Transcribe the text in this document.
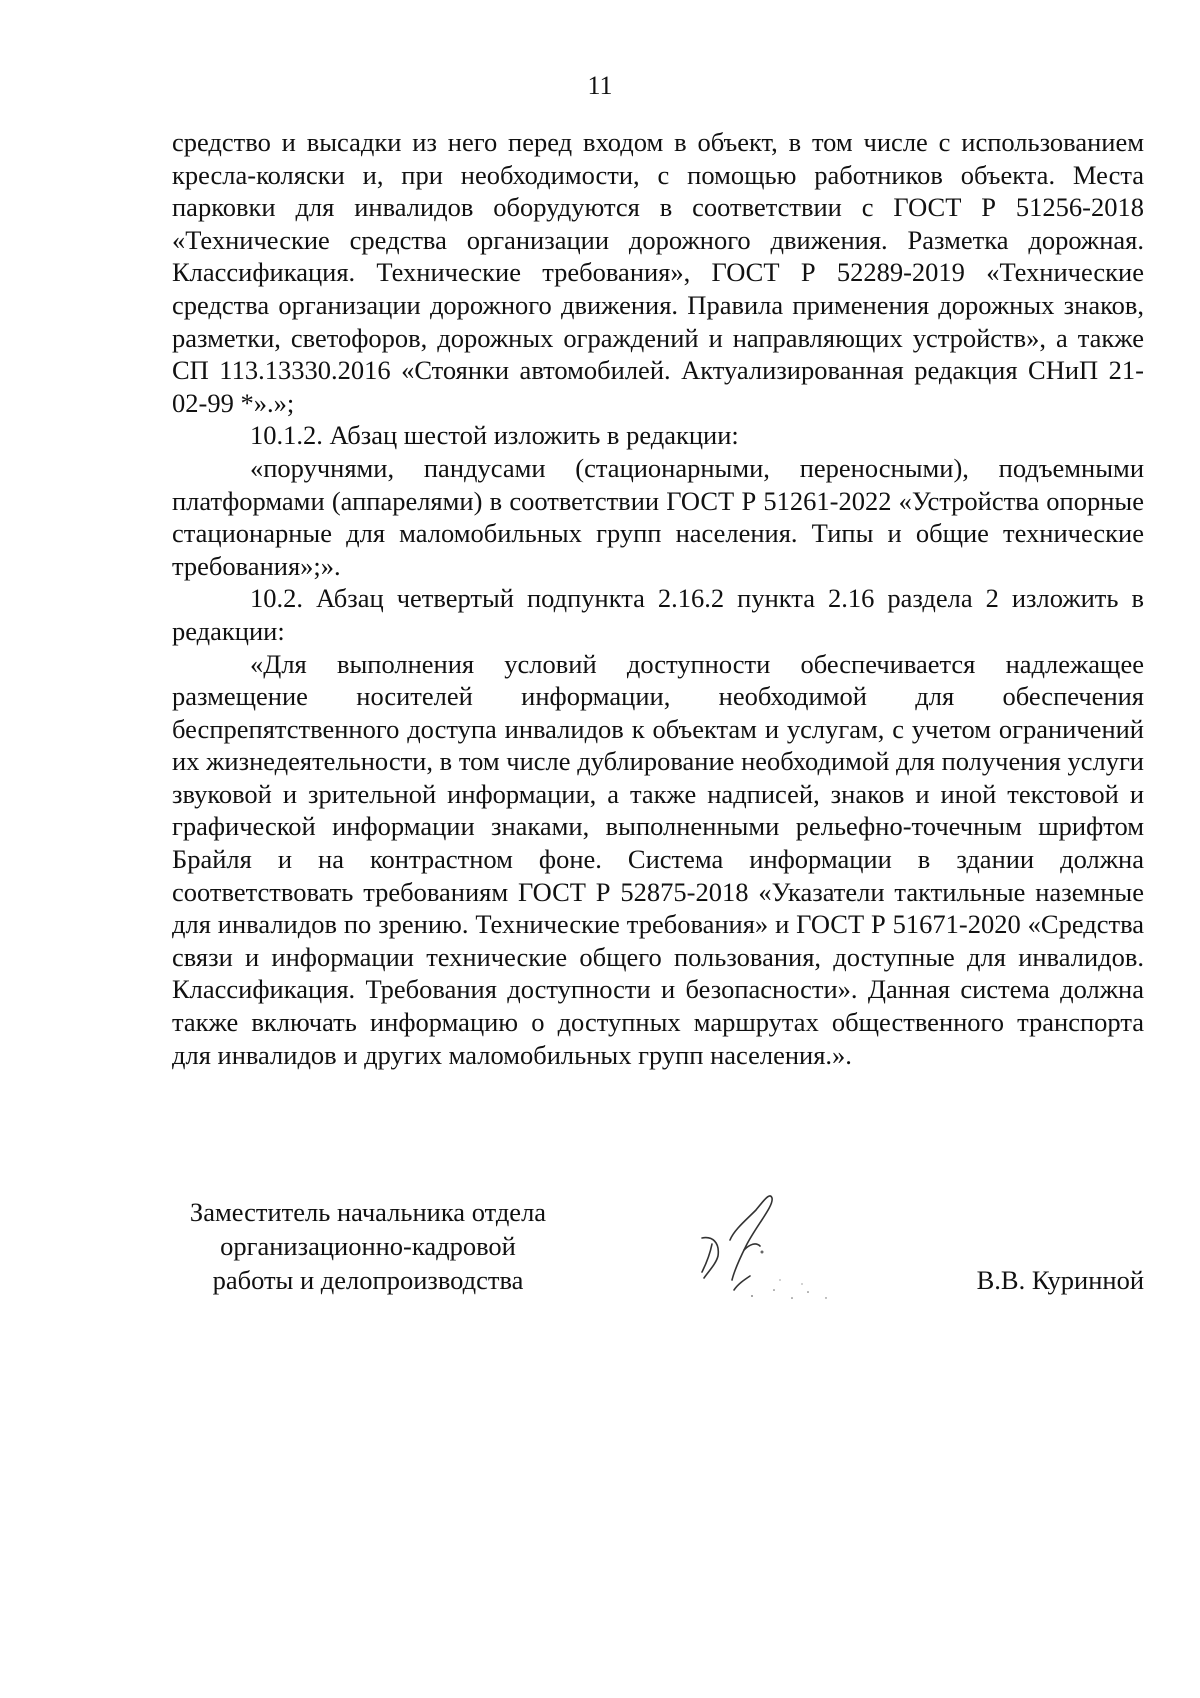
11

средство и высадки из него перед входом в объект, в том числе с использованием кресла-коляски и, при необходимости, с помощью работников объекта. Места парковки для инвалидов оборудуются в соответствии с ГОСТ Р 51256-2018 «Технические средства организации дорожного движения. Разметка дорожная. Классификация. Технические требования», ГОСТ Р 52289-2019 «Технические средства организации дорожного движения. Правила применения дорожных знаков, разметки, светофоров, дорожных ограждений и направляющих устройств», а также СП 113.13330.2016 «Стоянки автомобилей. Актуализированная редакция СНиП 21-02-99 *».»;

10.1.2. Абзац шестой изложить в редакции:

«поручнями, пандусами (стационарными, переносными), подъемными платформами (аппарелями) в соответствии ГОСТ Р 51261-2022 «Устройства опорные стационарные для маломобильных групп населения. Типы и общие технические требования»;».

10.2. Абзац четвертый подпункта 2.16.2 пункта 2.16 раздела 2 изложить в редакции:

«Для выполнения условий доступности обеспечивается надлежащее размещение носителей информации, необходимой для обеспечения беспрепятственного доступа инвалидов к объектам и услугам, с учетом ограничений их жизнедеятельности, в том числе дублирование необходимой для получения услуги звуковой и зрительной информации, а также надписей, знаков и иной текстовой и графической информации знаками, выполненными рельефно-точечным шрифтом Брайля и на контрастном фоне. Система информации в здании должна соответствовать требованиям ГОСТ Р 52875-2018 «Указатели тактильные наземные для инвалидов по зрению. Технические требования» и ГОСТ Р 51671-2020 «Средства связи и информации технические общего пользования, доступные для инвалидов. Классификация. Требования доступности и безопасности». Данная система должна также включать информацию о доступных маршрутах общественного транспорта для инвалидов и других маломобильных групп населения.».

Заместитель начальника отдела
организационно-кадровой
работы и делопроизводства	В.В. Куринной
